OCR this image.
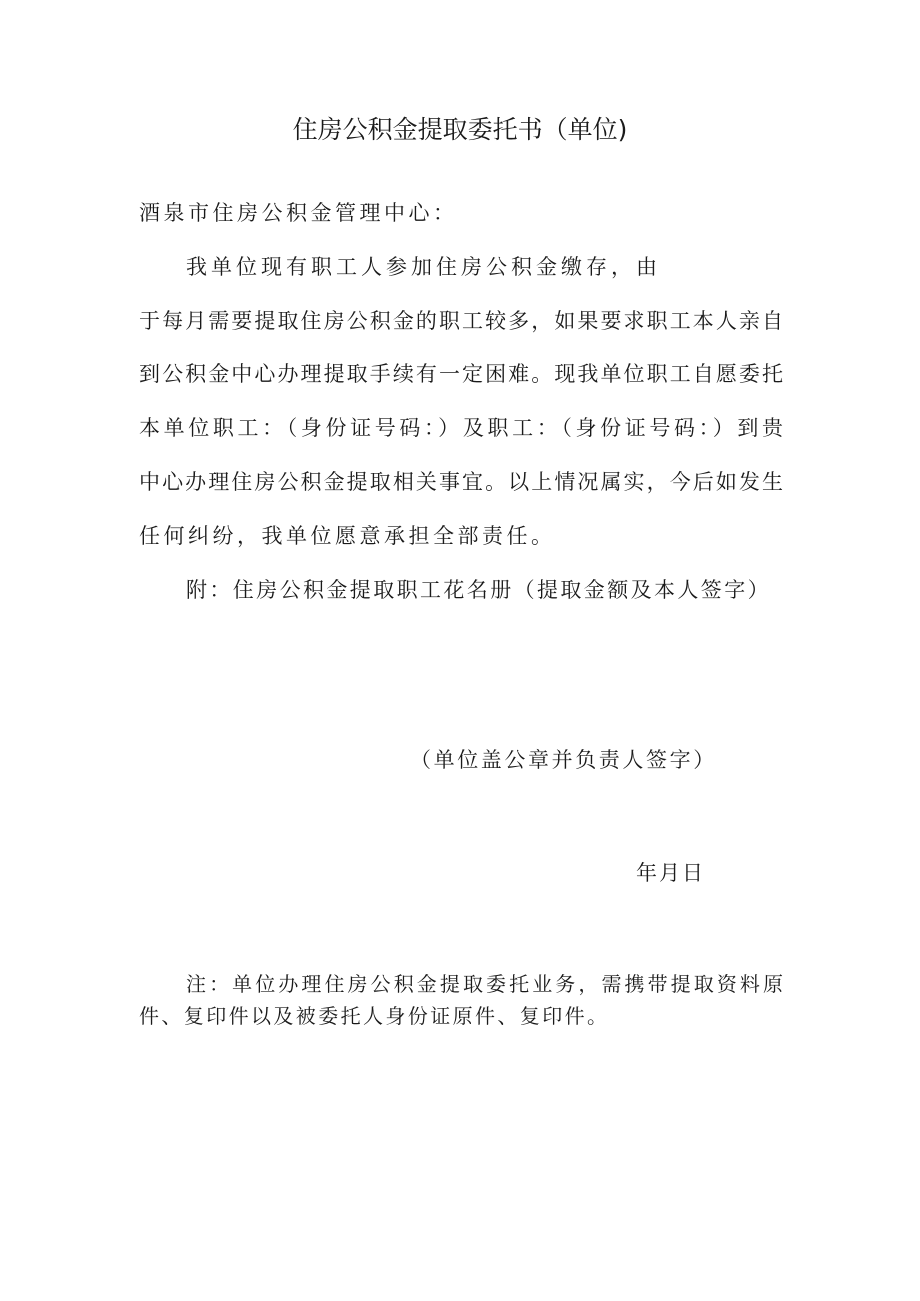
住房公积金提取委托书（单位)

酒泉市住房公积金管理中心：

我单位现有职工人参加住房公积金缴存，由

于每月需要提取住房公积金的职工较多，如果要求职工本人亲自

到公积金中心办理提取手续有一定困难。现我单位职工自愿委托

本单位职工：（身份证号码：）及职工：（身份证号码：）到贵

中心办理住房公积金提取相关事宜。以上情况属实，今后如发生

任何纠纷，我单位愿意承担全部责任。

附：住房公积金提取职工花名册（提取金额及本人签字）

（单位盖公章并负责人签字）

年月日

注：单位办理住房公积金提取委托业务，需携带提取资料原

件、复印件以及被委托人身份证原件、复印件。
